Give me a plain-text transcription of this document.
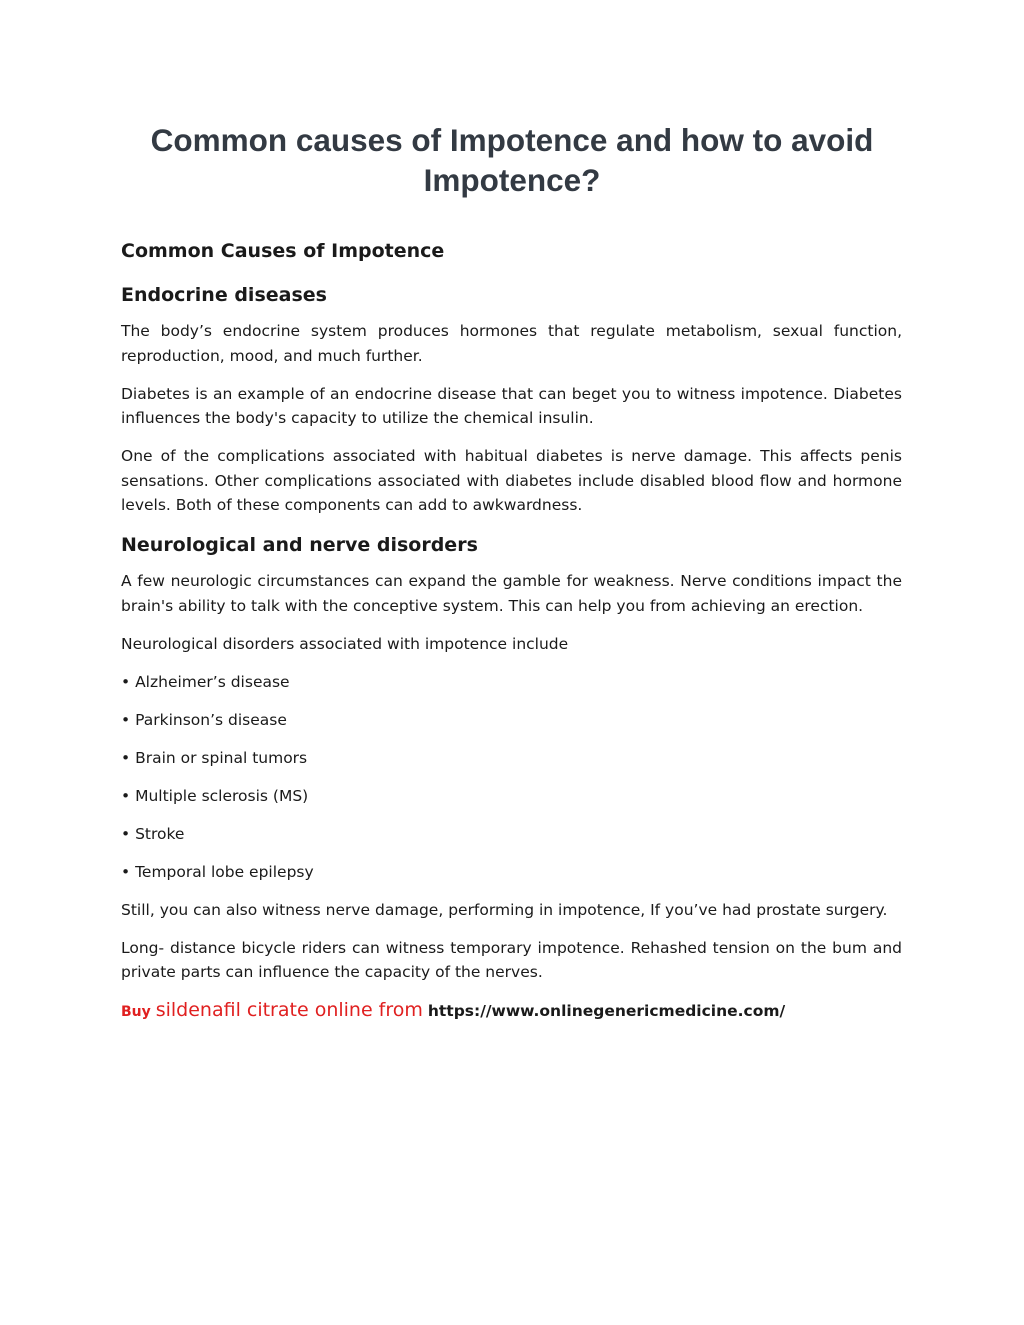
Common causes of Impotence and how to avoid Impotence?
Common Causes of Impotence
Endocrine diseases

The body’s endocrine system produces hormones that regulate metabolism, sexual function, reproduction, mood, and much further.

Diabetes is an example of an endocrine disease that can beget you to witness impotence. Diabetes influences the body's capacity to utilize the chemical insulin.

One of the complications associated with habitual diabetes is nerve damage. This affects penis sensations. Other complications associated with diabetes include disabled blood flow and hormone levels. Both of these components can add to awkwardness.

Neurological and nerve disorders

A few neurologic circumstances can expand the gamble for weakness. Nerve conditions impact the brain's ability to talk with the conceptive system. This can help you from achieving an erection.

Neurological disorders associated with impotence include

• Alzheimer’s disease
• Parkinson’s disease
• Brain or spinal tumors
• Multiple sclerosis (MS)
• Stroke
• Temporal lobe epilepsy

Still, you can also witness nerve damage, performing in impotence, If you’ve had prostate surgery.

Long- distance bicycle riders can witness temporary impotence. Rehashed tension on the bum and private parts can influence the capacity of the nerves.

Buy sildenafil citrate online from https://www.onlinegenericmedicine.com/
